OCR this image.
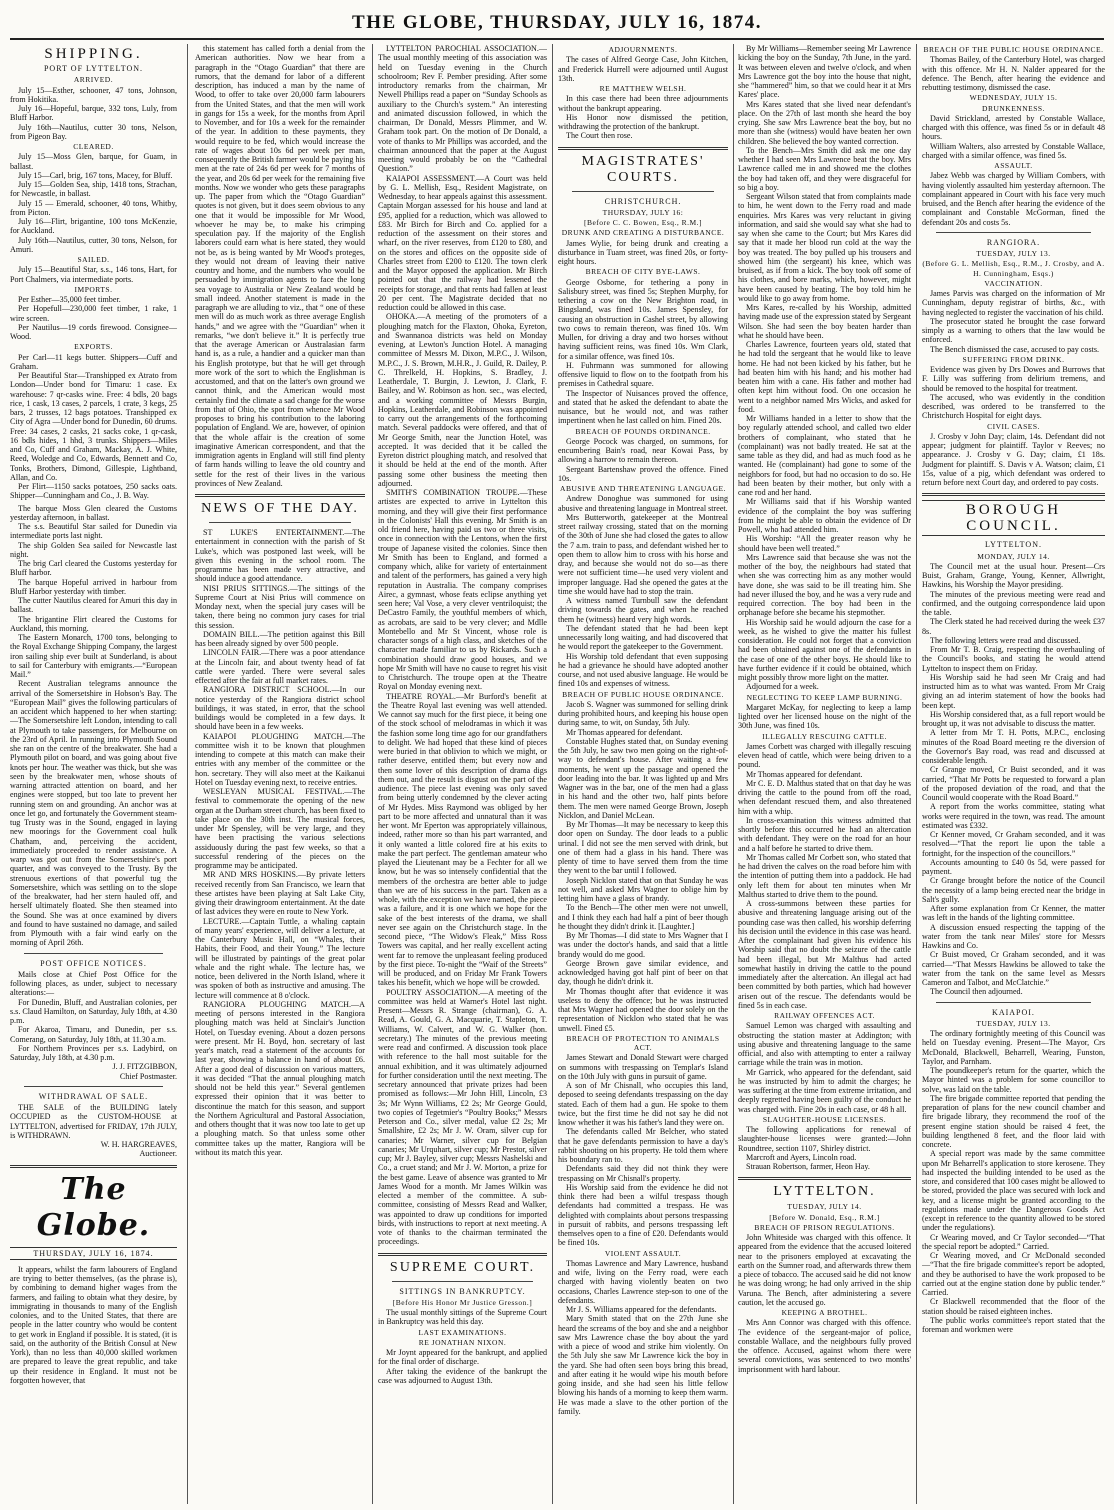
THE GLOBE, THURSDAY, JULY 16, 1874.
SHIPPING.
PORT OF LYTTELTON.
ARRIVED.

July 15—Esther, schooner, 47 tons, Johnson, from Hokitika.

July 16—Hopeful, barque, 332 tons, Luly, from Bluff Harbor.

July 16th—Nautilus, cutter 30 tons, Nelson, from Pigeon Bay.

CLEARED.

July 15—Moss Glen, barque, for Guam, in ballast.

July 15—Carl, brig, 167 tons, Macey, for Bluff.

July 15—Golden Sea, ship, 1418 tons, Strachan, for Newcastle, in ballast.

July 15 — Emerald, schooner, 40 tons, Whitby, from Picton.

July 16—Flirt, brigantine, 100 tons McKenzie, for Auckland.

July 16th—Nautilus, cutter, 30 tons, Nelson, for Amuri.

SAILED.

July 15—Beautiful Star, s.s., 146 tons, Hart, for Port Chalmers, via intermediate ports.

IMPORTS.

Per Esther—35,000 feet timber.

Per Hopefull—230,000 feet timber, 1 rake, 1 wire screen.

Per Nautilus—19 cords firewood. Consignee—Wood.

EXPORTS.

Per Carl—11 kegs butter. Shippers—Cuff and Graham.

Per Beautiful Star—Transhipped ex Atrato from London—Under bond for Timaru: 1 case. Ex warehouse: 7 qr-casks wine. Free: 4 bdls, 20 bags rice, 1 cask, 13 cases, 2 parcels, 1 crate, 3 kegs, 25 bars, 2 trusses, 12 bags potatoes. Transhipped ex City of Agra —Under bond for Dunedin, 60 drums. Free: 34 cases, 2 casks, 21 sacks coke, 1 qr-cask, 16 bdls hides, 1 hhd, 3 trunks. Shippers—Miles and Co, Cuff and Graham, Mackay, A. J. White, Reed, Woledge and Co, Edwards, Bennett and Co, Tonks, Brothers, Dimond, Gillespie, Lightband, Allan, and Co.

Per Flirt—1150 sacks potatoes, 250 sacks oats. Shipper—Cunningham and Co., J. B. Way.

The barque Moss Glen cleared the Customs yesterday afternoon, in ballast.

The s.s. Beautiful Star sailed for Dunedin via intermediate ports last night.

The ship Golden Sea sailed for Newcastle last night.

The brig Carl cleared the Customs yesterday for Bluff harbor.

The barque Hopeful arrived in harbour from Bluff Harbor yesterday with timber.

The cutter Nautilus cleared for Amuri this day in ballast.

The brigantine Flirt cleared the Customs for Auckland, this morning.

The Eastern Monarch, 1700 tons, belonging to the Royal Exchange Shipping Company, the largest iron sailing ship ever built at Sunderland, is about to sail for Canterbury with emigrants.—“European Mail.”

Recent Australian telegrams announce the arrival of the Somersetshire in Hobson's Bay. The “European Mail” gives the following particulars of an accident which happened to her when starting:—The Somersetshire left London, intending to call at Plymouth to take passengers, for Melbourne on the 23rd of April. In running into Plymouth Sound she ran on the centre of the breakwater. She had a Plymouth pilot on board, and was going about five knots per hour. The weather was thick, but she was seen by the breakwater men, whose shouts of warning attracted attention on board, and her engines were stopped, but too late to prevent her running stem on and grounding. An anchor was at once let go, and fortunately the Government steam-tug Trusty was in the Sound, engaged in laying new moorings for the Government coal hulk Chatham, and, perceiving the accident, immediately proceeded to render assistance. A warp was got out from the Somersetshire's port quarter, and was conveyed to the Trusty. By the strenuous exertions of that powerful tug the Somersetshire, which was settling on to the slope of the breakwater, had her stern hauled off, and herself ultimately floated. She then steamed into the Sound. She was at once examined by divers and found to have sustained no damage, and sailed from Plymouth with a fair wind early on the morning of April 26th.

POST OFFICE NOTICES.

Mails close at Chief Post Office for the following places, as under, subject to necessary alterations:—

For Dunedin, Bluff, and Australian colonies, per s.s. Claud Hamilton, on Saturday, July 18th, at 4.30 p.m.

For Akaroa, Timaru, and Dunedin, per s.s. Comerang, on Saturday, July 18th, at 11.30 a.m.

For Northern Provinces per s.s. Ladybird, on Saturday, July 18th, at 4.30 p.m.

J. J. FITZGIBBON,
Chief Postmaster.
WITHDRAWAL OF SALE.

THE SALE of the BUILDING lately OCCUPIED as the CUSTOM-HOUSE at LYTTELTON, advertised for FRIDAY, 17th JULY, is WITHDRAWN.

W. H. HARGREAVES,
Auctioneer.
The Globe.
THURSDAY, JULY 16, 1874.

It appears, whilst the farm labourers of England are trying to better themselves, (as the phrase is), by combining to demand higher wages from the farmers, and failing to obtain what they desire, by immigrating in thousands to many of the English colonies, and to the United States, that there are people in the latter country who would be content to get work in England if possible. It is stated, (it is said, on the authority of the British Consul at New York), than no less than 40,000 skilled workmen are prepared to leave the great republic, and take up their residence in England. It must not be forgotten however, that

this statement has called forth a denial from the American authorities. Now we hear from a paragraph in the “Otago Guardian” that there are rumors, that the demand for labor of a different description, has induced a man by the name of Wood, to offer to take over 20,000 farm labourers from the United States, and that the men will work in gangs for 15s a week, for the months from April to November, and for 10s a week for the remainder of the year. In addition to these payments, they would require to be fed, which would increase the rate of wages about 10s 6d per week per man, consequently the British farmer would be paying his men at the rate of 24s 6d per week for 7 months of the year, and 20s 6d per week for the remaining five months. Now we wonder who gets these paragraphs up. The paper from which the “Otago Guardian” quotes is not given, but it does seem obvious to any one that it would be impossible for Mr Wood, whoever he may be, to make his crimping speculation pay. If the majority of the English laborers could earn what is here stated, they would not be, as is being wanted by Mr Wood's proteges, they would not dream of leaving their native country and home, and the numbers who would be persuaded by immigration agents to face the long sea voyage to Australia or New Zealand would be small indeed. Another statement is made in the paragraph we are alluding to viz., that “ one of these men will do as much work as three average English hands,” and we agree with the “Guardian” when it remarks, “we don't believe it.” It is perfectly true that the average American or Australasian farm hand is, as a rule, a handier and a quicker man than his English prototype, but that he will get through more work of the sort to which the Englishman is accustomed, and that on the latter's own ground we cannot think, and the American would most certainly find the climate a sad change for the worse from that of Ohio, the spot from whence Mr Wood proposes to bring his contribution to the laboring population of England. We are, however, of opinion that the whole affair is the creation of some imaginative American correspondent, and that the immigration agents in England will still find plenty of farm hands willing to leave the old country and settle for the rest of their lives in the various provinces of New Zealand.

NEWS OF THE DAY.

ST LUKE'S ENTERTAINMENT.—The entertainment in connection with the parish of St Luke's, which was postponed last week, will be given this evening in the school room. The programme has been made very attractive, and should induce a good attendance.

NISI PRIUS SITTINGS.—The sittings of the Supreme Court at Nisi Prius will commence on Monday next, when the special jury cases will be taken, there being no common jury cases for trial this session.

DOMAIN BILL.—The petition against this Bill has been already signed by over 500 people.

LINCOLN FAIR.—There was a poor attendance at the Lincoln fair, and about twenty head of fat cattle were yarded. There were several sales effected after the fair at full market rates.

RANGIORA DISTRICT SCHOOL.—In our notice yesterday of the Rangiora district school buildings, it was stated, in error, that the school buildings would be completed in a few days. It should have been in a few weeks.

KAIAPOI PLOUGHING MATCH.—The committee wish it to be known that ploughmen intending to compete at this match can make their entries with any member of the committee or the hon. secretary. They will also meet at the Kaikanui Hotel on Tuesday evening next, to receive entries.

WESLEYAN MUSICAL FESTIVAL.—The festival to commemorate the opening of the new organ at the Durham street church, has been fixed to take place on the 30th inst. The musical forces, under Mr Spensley, will be very large, and they have been practising the various selections assiduously during the past few weeks, so that a successful rendering of the pieces on the programme may be anticipated.

MR AND MRS HOSKINS.—By private letters received recently from San Francisco, we learn that these artistes have been playing at Salt Lake City, giving their drawingroom entertainment. At the date of last advices they were en route to New York.

LECTURE.—Captain Tuttle, a whaling captain of many years' experience, will deliver a lecture, at the Canterbury Music Hall, on “Whales, their Habits, their Food, and their Young.” The lecture will be illustrated by paintings of the great polar whale and the right whale. The lecture has, we notice, been delivered in the North Island, where it was spoken of both as instructive and amusing. The lecture will commence at 8 o'clock.

RANGIORA PLOUGHING MATCH.—A meeting of persons interested in the Rangiora ploughing match was held at Sinclair's Junction Hotel, on Tuesday evening. About a dozen persons were present. Mr H. Boyd, hon. secretary of last year's match, read a statement of the accounts for last year, showing a balance in hand of about £6. After a good deal of discussion on various matters, it was decided “That the annual ploughing match should not be held this year.” Several gentlemen expressed their opinion that it was better to discontinue the match for this season, and support the Northern Agricultural and Pastoral Association, and others thought that it was now too late to get up a ploughing match. So that unless some other committee takes up the matter, Rangiora will be without its match this year.

LYTTELTON PAROCHIAL ASSOCIATION.—The usual monthly meeting of this association was held on Tuesday evening in the Church schoolroom; Rev F. Pember presiding. After some introductory remarks from the chairman, Mr Newell Phillips read a paper on “Sunday Schools as auxiliary to the Church's system.” An interesting and animated discussion followed, in which the chairman, Dr Donald, Messrs Plimmer, and W. Graham took part. On the motion of Dr Donald, a vote of thanks to Mr Phillips was accorded, and the chairman announced that the paper at the August meeting would probably be on the “Cathedral Question.”

KAIAPOI ASSESSMENT.—A Court was held by G. L. Mellish, Esq., Resident Magistrate, on Wednesday, to hear appeals against this assessment. Captain Morgan assessed for his house and land at £95, applied for a reduction, which was allowed to £83. Mr Birch for Birch and Co. applied for a reduction of the assessment on their stores and wharf, on the river reserves, from £120 to £80, and on the stores and offices on the opposite side of Charles street from £200 to £120. The town clerk and the Mayor opposed the application. Mr Birch pointed out that the railway had lessened the receipts for storage, and that rents had fallen at least 20 per cent. The Magistrate decided that no reduction could be allowed in this case.

OHOKA.—A meeting of the promoters of a ploughing match for the Flaxton, Ohoka, Eyreton, and Swannanoa districts was held on Monday evening, at Lewton's Junction Hotel. A managing committee of Messrs M. Dixon, M.P.C., J. Wilson, M.P.C., J. S. Brown, M.H.R., J. Guild, R. Dailey, P. C. Threlkeld, H. Hopkins, S. Bradley, J. Leatherdale, T. Burgin, J. Lewton, J. Clark, F. Bailey, and W. Robinson as hon. sec., was elected, and a working committee of Messrs Burgin, Hopkins, Leatherdale, and Robinson was appointed to carry out the arrangements of the forthcoming match. Several paddocks were offered, and that of Mr George Smith, near the Junction Hotel, was accepted. It was decided that it be called the Eyreton district ploughing match, and resolved that it should be held at the end of the month. After passing some other business the meeting then adjourned.

SMITH'S COMBINATION TROUPE.—These artistes are expected to arrive in Lyttelton this morning, and they will give their first performance in the Colonists' Hall this evening. Mr Smith is an old friend here, having paid us two or three visits, once in connection with the Lentons, when the first troupe of Japanese visited the colonies. Since then Mr Smith has been to England, and formed a company which, alike for variety of entertainment and talent of the performers, has gained a very high reputation in Australia. The company comprises Airec, a gymnast, whose feats eclipse anything yet seen here; Val Vose, a very clever ventriloquist; the DeCastro Family, the youthful members of which, as acrobats, are said to be very clever; and Mdlle Montebello and Mr St Vincent, whose role is character songs of a high class, and sketches of the character made familiar to us by Rickards. Such a combination should draw good houses, and we hope Mr Smith will have no cause to regret his visit to Christchurch. The troupe open at the Theatre Royal on Monday evening next.

THEATRE ROYAL.—Mr Burford's benefit at the Theatre Royal last evening was well attended. We cannot say much for the first piece, it being one of the stock school of melodramas in which it was the fashion some long time ago for our grandfathers to delight. We had hoped that these kind of pieces were buried in that oblivion to which we might, or rather deserve, entitled them; but every now and then some lover of this description of drama digs them out, and the result is disgust on the part of the audience. The piece last evening was only saved from being utterly condemned by the clever acting of Mr Hydes. Miss Raymond was obliged by her part to be more affected and unnatural than it was her wont. Mr Eperton was appropriately villainous, indeed, rather more so than his part warranted, and it only wanted a little colored fire at his exits to make the part perfect. The gentleman amateur who played the Lieutenant may be a Fechter for all we know, but he was so intensely confidential that the members of the orchestra are better able to judge than we are of his success in the part. Taken as a whole, with the exception we have named, the piece was a failure, and it is one which we hope for the sake of the best interests of the drama, we shall never see again on the Christchurch stage. In the second piece, “The Widow's Fleak,” Miss Ross Towers was capital, and her really excellent acting went far to remove the unpleasant feeling produced by the first piece. To-night the “Waif of the Streets” will be produced, and on Friday Mr Frank Towers takes his benefit, which we hope will be crowded.

POULTRY ASSOCIATION.—A meeting of the committee was held at Warner's Hotel last night. Present—Messrs R. Strange (chairman), G. A. Read, A. Gould, G. A. Macquarie, T. Stapleton, T. Williams, W. Calvert, and W. G. Walker (hon. secretary.) The minutes of the previous meeting were read and confirmed. A discussion took place with reference to the hall most suitable for the annual exhibition, and it was ultimately adjourned for further consideration until the next meeting. The secretary announced that private prizes had been promised as follows:—Mr John Hill, Lincoln, £3 3s; Mr Wynn Williams, £2 2s; Mr George Gould, two copies of Tegetmier's “Poultry Books;” Messrs Peterson and Co., silver medal, value £2 2s; Mr Smallshire, £2 2s; Mr J. W. Oram, silver cup for canaries; Mr Warner, silver cup for Belgian canaries; Mr Urquhart, silver cup; Mr Prestor, silver cup; Mr J. Bayley, silver cup; Messrs Nashelski and Co., a cruet stand; and Mr J. W. Morton, a prize for the best game. Leave of absence was granted to Mr James Wood for a month. Mr James Wilkin was elected a member of the committee. A sub-committee, consisting of Messrs Read and Walker, was appointed to draw up conditions for imported birds, with instructions to report at next meeting. A vote of thanks to the chairman terminated the proceedings.

SUPREME COURT.
SITTINGS IN BANKRUPTCY.
[Before His Honor Mr Justice Gresson.]

The usual monthly sittings of the Supreme Court in Bankruptcy was held this day.

LAST EXAMINATIONS.
RE JONATHAN NIXON.

Mr Joynt appeared for the bankrupt, and applied for the final order of discharge.

After taking the evidence of the bankrupt the case was adjourned to August 13th.

ADJOURNMENTS.

The cases of Alfred George Case, John Kitchen, and Frederick Hurrell were adjourned until August 13th.

RE MATTHEW WELSH.

In this case there had been three adjournments without the bankrupt appearing.

His Honor now dismissed the petition, withdrawing the protection of the bankrupt.

The Court then rose.

MAGISTRATES' COURTS.
CHRISTCHURCH.
THURSDAY, JULY 16:
[Before C. C. Bowen, Esq., R.M.]
DRUNK AND CREATING A DISTURBANCE.

James Wylie, for being drunk and creating a disturbance in Tuam street, was fined 20s, or forty-eight hours.

BREACH OF CITY BYE-LAWS.

George Osborne, for tethering a pony in Salisbury street, was fined 5s; Stephen Murphy, for tethering a cow on the New Brighton road, in Bingsland, was fined 10s. James Spensley, for causing an obstruction in Cashel street, by allowing two cows to remain thereon, was fined 10s. Wm Mullen, for driving a dray and two horses without having sufficient reins, was fined 10s. Wm Clark, for a similar offence, was fined 10s.

H. Fuhrmann was summoned for allowing offensive liquid to flow on to the footpath from his premises in Cathedral square.

The Inspector of Nuisances proved the offence, and stated that he asked the defendant to abate the nuisance, but he would not, and was rather impertinent when he last called on him. Fined 20s.

BREACH OF POUNDS ORDINANCE.

George Pocock was charged, on summons, for encumbering Bain's road, near Kowai Pass, by allowing a harrow to remain thereon.

Sergeant Bartenshaw proved the offence. Fined 10s.

ABUSIVE AND THREATENING LANGUAGE.

Andrew Donoghue was summoned for using abusive and threatening language in Montreal street.

Mrs Butterworth, gatekeeper at the Montreal street railway crossing, stated that on the morning of the 30th of June she had closed the gates to allow the 7 a.m. train to pass, and defendant wished her to open them to allow him to cross with his horse and dray, and because she would not do so—as there were not sufficient time—he used very violent and improper language. Had she opened the gates at the time she would have had to stop the train.

A witness named Turnbull saw the defendant driving towards the gates, and when he reached them he (witness) heard very high words.

The defendant stated that he had been kept unnecessarily long waiting, and had discovered that he would report the gatekeeper to the Government.

His Worship told defendant that even supposing he had a grievance he should have adopted another course, and not used abusive language. He would be fined 10s and expenses of witness.

BREACH OF PUBLIC HOUSE ORDINANCE.

Jacob S. Wagner was summoned for selling drink during prohibited hours, and keeping his house open during same, to wit, on Sunday, 5th July.

Mr Thomas appeared for defendant.

Constable Hughes stated that, on Sunday evening the 5th July, he saw two men going on the right-of-way to defendant's house. After waiting a few moments, he went up the passage and opened the door leading into the bar. It was lighted up and Mrs Wagner was in the bar, one of the men had a glass in his hand and the other two, half pints before them. The men were named George Brown, Joseph Nicklon, and Daniel McLean.

By Mr Thomas—It may be necessary to keep this door open on Sunday. The door leads to a public urinal. I did not see the men served with drink, but one of them had a glass in his hand. There was plenty of time to have served them from the time they went to the bar until I followed.

Joseph Nicklon stated that on that Sunday he was not well, and asked Mrs Wagner to oblige him by letting him have a glass of brandy.

To the Bench—The other men were not unwell, and I think they each had half a pint of beer though he thought they didn't drink it. [Laughter.]

By Mr Thomas—I did state to Mrs Wagner that I was under the doctor's hands, and said that a little brandy would do me good.

George Brown gave similar evidence, and acknowledged having got half pint of beer on that day, though he didn't drink it.

Mr Thomas thought after that evidence it was useless to deny the offence; but he was instructed that Mrs Wagner had opened the door solely on the representation of Nicklon who stated that he was unwell. Fined £5.

BREACH OF PROTECTION TO ANIMALS ACT.

James Stewart and Donald Stewart were charged on summons with trespassing on Templar's Island on the 10th July with guns in pursuit of game.

A son of Mr Chisnall, who occupies this land, deposed to seeing defendants trespassing on the day stated. Each of them had a gun. He spoke to them twice, but the first time he did not say he did not know whether it was his father's land they were on.

The defendants called Mr Belcher, who stated that he gave defendants permission to have a day's rabbit shooting on his property. He told them where his boundary ran to.

Defendants said they did not think they were trespassing on Mr Chisnall's property.

His Worship said from the evidence he did not think there had been a wilful trespass though defendants had committed a trespass. He was delighted with complaints about persons trespassing in pursuit of rabbits, and persons trespassing left themselves open to a fine of £20. Defendants would be fined 10s.

VIOLENT ASSAULT.

Thomas Lawrence and Mary Lawrence, husband and wife, living on the Ferry road, were each charged with having violently beaten on two occasions, Charles Lawrence step-son to one of the defendants.

Mr J. S. Williams appeared for the defendants.

Mary Smith stated that on the 27th June she heard the screams of the boy and she and a neighbor saw Mrs Lawrence chase the boy about the yard with a piece of wood and strike him violently. On the 5th July she saw Mr Lawrence kick the boy in the yard. She had often seen boys bring this bread, and after eating it he would wipe his mouth before going inside, and she had seen his little fellow blowing his hands of a morning to keep them warm. He was made a slave to the other portion of the family.

By Mr Williams—Remember seeing Mr Lawrence kicking the boy on the Sunday, 7th June, in the yard. It was between eleven and twelve o'clock, and when Mrs Lawrence got the boy into the house that night, she “hammered” him, so that we could hear it at Mrs Kares' place.

Mrs Kares stated that she lived near defendant's place. On the 27th of last month she heard the boy crying. She saw Mrs Lawrence beat the boy, but no more than she (witness) would have beaten her own children. She believed the boy wanted correction.

To the Bench—Mrs Smith did ask me one day whether I had seen Mrs Lawrence beat the boy. Mrs Lawrence called me in and showed me the clothes the boy had taken off, and they were disgraceful for so big a boy.

Sergeant Wilson stated that from complaints made to him, he went down to the Ferry road and made enquiries. Mrs Kares was very reluctant in giving information, and said she would say what she had to say when she came to the Court; but Mrs Kares did say that it made her blood run cold at the way the boy was treated. The boy pulled up his trousers and showed him (the sergeant) his knee, which was bruised, as if from a kick. The boy took off some of his clothes, and bore marks, which, however, might have been caused by beating. The boy told him he would like to go away from home.

Mrs Kares, re-called by his Worship, admitted having made use of the expression stated by Sergeant Wilson. She had seen the boy beaten harder than what he should have been.

Charles Lawrence, fourteen years old, stated that he had told the sergeant that he would like to leave home. He had not been kicked by his father, but he had beaten him with his hand; and his mother had beaten him with a cane. His father and mother had often kept him without food. On one occasion he went to a neighbor named Mrs Wicks, and asked for food.

Mr Williams handed in a letter to show that the boy regularly attended school, and called two elder brothers of complainant, who stated that he (complainant) was not badly treated. He sat at the same table as they did, and had as much food as he wanted. He (complainant) had gone to some of the neighbors for food, but had no occasion to do so. He had been beaten by their mother, but only with a cane rod and her hand.

Mr Williams said that if his Worship wanted evidence of the complaint the boy was suffering from he might be able to obtain the evidence of Dr Powell, who had attended him.

His Worship: “All the greater reason why he should have been well treated.”

Mrs Lawrence said that because she was not the mother of the boy, the neighbours had stated that when she was correcting him as any mother would have done, she was said to be ill treating him. She had never illused the boy, and he was a very rude and required correction. The boy had been in the orphanage before she became his stepmother.

His Worship said he would adjourn the case for a week, as he wished to give the matter his fullest consideration. He could not forget that a conviction had been obtained against one of the defendants in the case of one of the other boys. He should like to have further evidence if it could be obtained, which might possibly throw more light on the matter.

Adjourned for a week.

NEGLECTING TO KEEP LAMP BURNING.

Margaret McKay, for neglecting to keep a lamp lighted over her licensed house on the night of the 30th June, was fined 10s.

ILLEGALLY RESCUING CATTLE.

James Corbett was charged with illegally rescuing eleven head of cattle, which were being driven to a pound.

Mr Thomas appeared for defendant.

Mr C. E. D. Malthus stated that on that day he was driving the cattle to the pound from off the road, when defendant rescued them, and also threatened him with a whip.

In cross-examination this witness admitted that shortly before this occurred he had an altercation with defendant. They were on the road for an hour and a half before he started to drive them.

Mr Thomas called Mr Corbett son, who stated that he had driven the calves on the road before him with the intention of putting them into a paddock. He had only left them for about ten minutes when Mr Malthus started to drive them to the pound.

A cross-summons between these parties for abusive and threatening language arising out of the pounding case was then called, his worship deferring his decision until the evidence in this case was heard. After the complainant had given his evidence his Worship said that no doubt the seizure of the cattle had been illegal, but Mr Malthus had acted somewhat hastily in driving the cattle to the pound immediately after the altercation. An illegal act had been committed by both parties, which had however arisen out of the rescue. The defendants would be fined 5s in each case.

RAILWAY OFFENCES ACT.

Samuel Lemon was charged with assaulting and obstructing the station master at Addington; with using abusive and threatening language to the same official, and also with attempting to enter a railway carriage while the train was in motion.

Mr Garrick, who appeared for the defendant, said he was instructed by him to admit the charges; he was suffering at the time from extreme irritation, and deeply regretted having been guilty of the conduct he was charged with. Fine 20s in each case, or 48 h all.

SLAUGHTER-HOUSE LICENSES.

The following applications for renewal of slaughter-house licenses were granted:—John Roundtree, section 1107, Shirley district.

Marcroft and Ayers, Lincoln road.

Strauan Robertson, farmer, Heon Hay.

LYTTELTON.
TUESDAY, JULY 14.
[Before W. Donald, Esq., R.M.]

BREACH OF PRISON REGULATIONS.

John Whiteside was charged with this offence. It appeared from the evidence that the accused loitered near to the prisoners employed at excavating the earth on the Sumner road, and afterwards threw them a piece of tobacco. The accused said he did not know he was doing wrong; he had only arrived in the ship Varuna. The Bench, after administering a severe caution, let the accused go.

KEEPING A BROTHEL.

Mrs Ann Connor was charged with this offence. The evidence of the sergeant-major of police, constable Wallace, and the neighbours fully proved the offence. Accused, against whom there were several convictions, was sentenced to two months' imprisonment with hard labour.

BREACH OF THE PUBLIC HOUSE ORDINANCE.

Thomas Bailey, of the Canterbury Hotel, was charged with this offence. Mr H. N. Nalder appeared for the defence. The Bench, after hearing the evidence and rebutting testimony, dismissed the case.

WEDNESDAY, JULY 15.

DRUNKENNESS.

David Strickland, arrested by Constable Wallace, charged with this offence, was fined 5s or in default 48 hours.

William Walters, also arrested by Constable Wallace, charged with a similar offence, was fined 5s.

ASSAULT.

Jabez Webb was charged by William Combers, with having violently assaulted him yesterday afternoon. The complainant appeared in Court with his face very much bruised, and the Bench after hearing the evidence of the complainant and Constable McGorman, fined the defendant 20s and costs 5s.

RANGIORA.
TUESDAY, JULY 13.
(Before G. L. Mellish, Esq., R.M., J. Crosby, and A. H. Cunningham, Esqs.)

VACCINATION.

James Parvis was charged on the information of Mr Cunningham, deputy registrar of births, &c., with having neglected to register the vaccination of his child.

The prosecutor stated he brought the case forward simply as a warning to others that the law would be enforced.

The Bench dismissed the case, accused to pay costs.

SUFFERING FROM DRINK.

Evidence was given by Drs Dowes and Burrows that F. Lilly was suffering from delirium tremens, and should be removed to the hospital for treatment.

The accused, who was evidently in the condition described, was ordered to be transferred to the Christchurch Hospital for eight days.

CIVIL CASES.

J. Crosby v John Day; claim, 14s. Defendant did not appear; judgment for plaintiff. Taylor v Reeves; no appearance. J. Crosby v G. Day; claim, £1 18s. Judgment for plaintiff. S. Davis v A. Watson; claim, £1 15s, value of a pig, which defendant was ordered to return before next Court day, and ordered to pay costs.

BOROUGH COUNCIL.
LYTTELTON.
MONDAY, JULY 14.

The Council met at the usual hour. Present—Crs Buist, Graham, Grange, Young, Kenner, Allwright, Hawkins, his Worship the Mayor presiding.

The minutes of the previous meeting were read and confirmed, and the outgoing correspondence laid upon the table.

The Clerk stated he had received during the week £37 8s.

The following letters were read and discussed.

From Mr T. B. Craig, respecting the overhauling of the Council's books, and stating he would attend Lyttelton to inspect them on Friday.

His Worship said he had seen Mr Craig and had instructed him as to what was wanted. From Mr Craig giving an ad interim statement of how the books had been kept.

His Worship considered that, as a full report would be brought up, it was not advisable to discuss the matter.

A letter from Mr T. H. Potts, M.P.C., enclosing minutes of the Road Board meeting re the diversion of the Governor's Bay road, was read and discussed at considerable length.

Cr Grange moved, Cr Buist seconded, and it was carried, “That Mr Potts be requested to forward a plan of the proposed deviation of the road, and that the Council would cooperate with the Road Board.”

A report from the works committee, stating what works were required in the town, was read. The amount estimated was £332.

Cr Kenner moved, Cr Graham seconded, and it was resolved—“That the report lie upon the table a fortnight, for the inspection of the councillors.”

Accounts amounting to £40 0s 5d, were passed for payment.

Cr Grange brought before the notice of the Council the necessity of a lamp being erected near the bridge in Salt's gully.

After some explanation from Cr Kenner, the matter was left in the hands of the lighting committee.

A discussion ensued respecting the tapping of the water from the tank near Miles' store for Messrs Hawkins and Co.

Cr Buist moved, Cr Graham seconded, and it was carried—“That Messrs Hawkins be allowed to take the water from the tank on the same level as Messrs Cameron and Talbot, and McClatchie.”

The Council then adjourned.

KAIAPOI.
TUESDAY, JULY 13.

The ordinary fortnightly meeting of this Council was held on Tuesday evening. Present—The Mayor, Crs McDonald, Blackwell, Beharrell, Wearing, Funston, Taylor, and Parnham.

The poundkeeper's return for the quarter, which the Mayor hinted was a problem for some councillor to solve, was laid on the table.

The fire brigade committee reported that pending the preparation of plans for the new council chamber and fire brigade library, they recommend the roof of the present engine station should be raised 4 feet, the building lengthened 8 feet, and the floor laid with concrete.

A special report was made by the same committee upon Mr Beharrell's application to store kerosene. They had inspected the building intended to be used as the store, and considered that 100 cases might be allowed to be stored, provided the place was secured with lock and key, and a license might be granted according to the regulations made under the Dangerous Goods Act (except in reference to the quantity allowed to be stored under the regulations).

Cr Wearing moved, and Cr Taylor seconded—“That the special report be adopted.” Carried.

Cr Wearing moved, and Cr McDonald seconded—“That the fire brigade committee's report be adopted, and they be authorised to have the work proposed to be carried out at the engine station done by public tender.” Carried.

Cr Blackwell recommended that the floor of the station should be raised eighteen inches.

The public works committee's report stated that the foreman and workmen were
